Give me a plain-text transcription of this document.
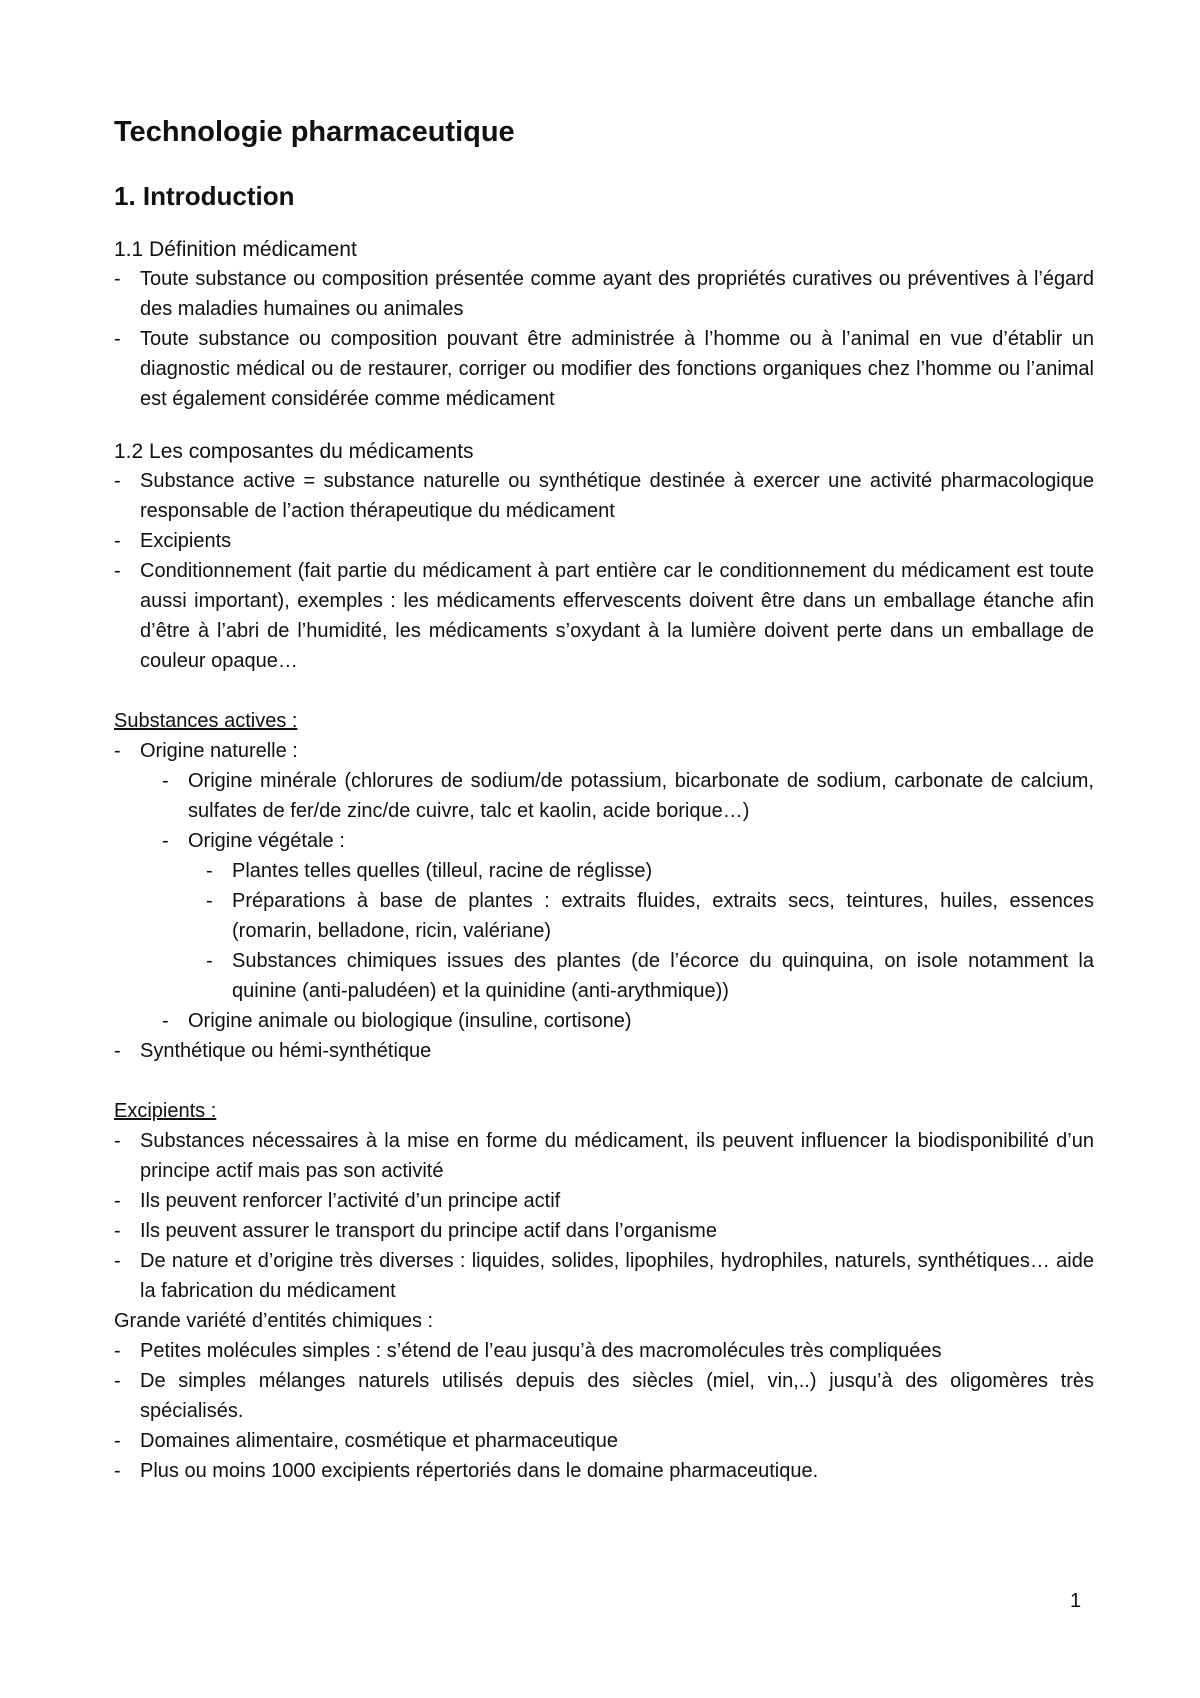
Technologie pharmaceutique
1. Introduction
1.1 Définition médicament
- Toute substance ou composition présentée comme ayant des propriétés curatives ou préventives à l’égard des maladies humaines ou animales
- Toute substance ou composition pouvant être administrée à l’homme ou à l’animal en vue d’établir un diagnostic médical ou de restaurer, corriger ou modifier des fonctions organiques chez l’homme ou l’animal est également considérée comme médicament
1.2 Les composantes du médicaments
- Substance active = substance naturelle ou synthétique destinée à exercer une activité pharmacologique responsable de l’action thérapeutique du médicament
- Excipients
- Conditionnement (fait partie du médicament à part entière car le conditionnement du médicament est toute aussi important), exemples : les médicaments effervescents doivent être dans un emballage étanche afin d’être à l’abri de l’humidité, les médicaments s’oxydant à la lumière doivent perte dans un emballage de couleur opaque…

Substances actives :

- Origine naturelle :
- Origine minérale (chlorures de sodium/de potassium, bicarbonate de sodium, carbonate de calcium, sulfates de fer/de zinc/de cuivre, talc et kaolin, acide borique…)
- Origine végétale :
- Plantes telles quelles (tilleul, racine de réglisse)
- Préparations à base de plantes : extraits fluides, extraits secs, teintures, huiles, essences (romarin, belladone, ricin, valériane)
- Substances chimiques issues des plantes (de l’écorce du quinquina, on isole notamment la quinine (anti-paludéen) et la quinidine (anti-arythmique))
- Origine animale ou biologique (insuline, cortisone)
- Synthétique ou hémi-synthétique

Excipients :

- Substances nécessaires à la mise en forme du médicament, ils peuvent influencer la biodisponibilité d’un principe actif mais pas son activité
- Ils peuvent renforcer l’activité d’un principe actif
- Ils peuvent assurer le transport du principe actif dans l’organisme
- De nature et d’origine très diverses : liquides, solides, lipophiles, hydrophiles, naturels, synthétiques… aide la fabrication du médicament

Grande variété d’entités chimiques :

- Petites molécules simples : s’étend de l’eau jusqu’à des macromolécules très compliquées
- De simples mélanges naturels utilisés depuis des siècles (miel, vin,..) jusqu’à des oligomères très spécialisés.
- Domaines alimentaire, cosmétique et pharmaceutique
- Plus ou moins 1000 excipients répertoriés dans le domaine pharmaceutique.
1
